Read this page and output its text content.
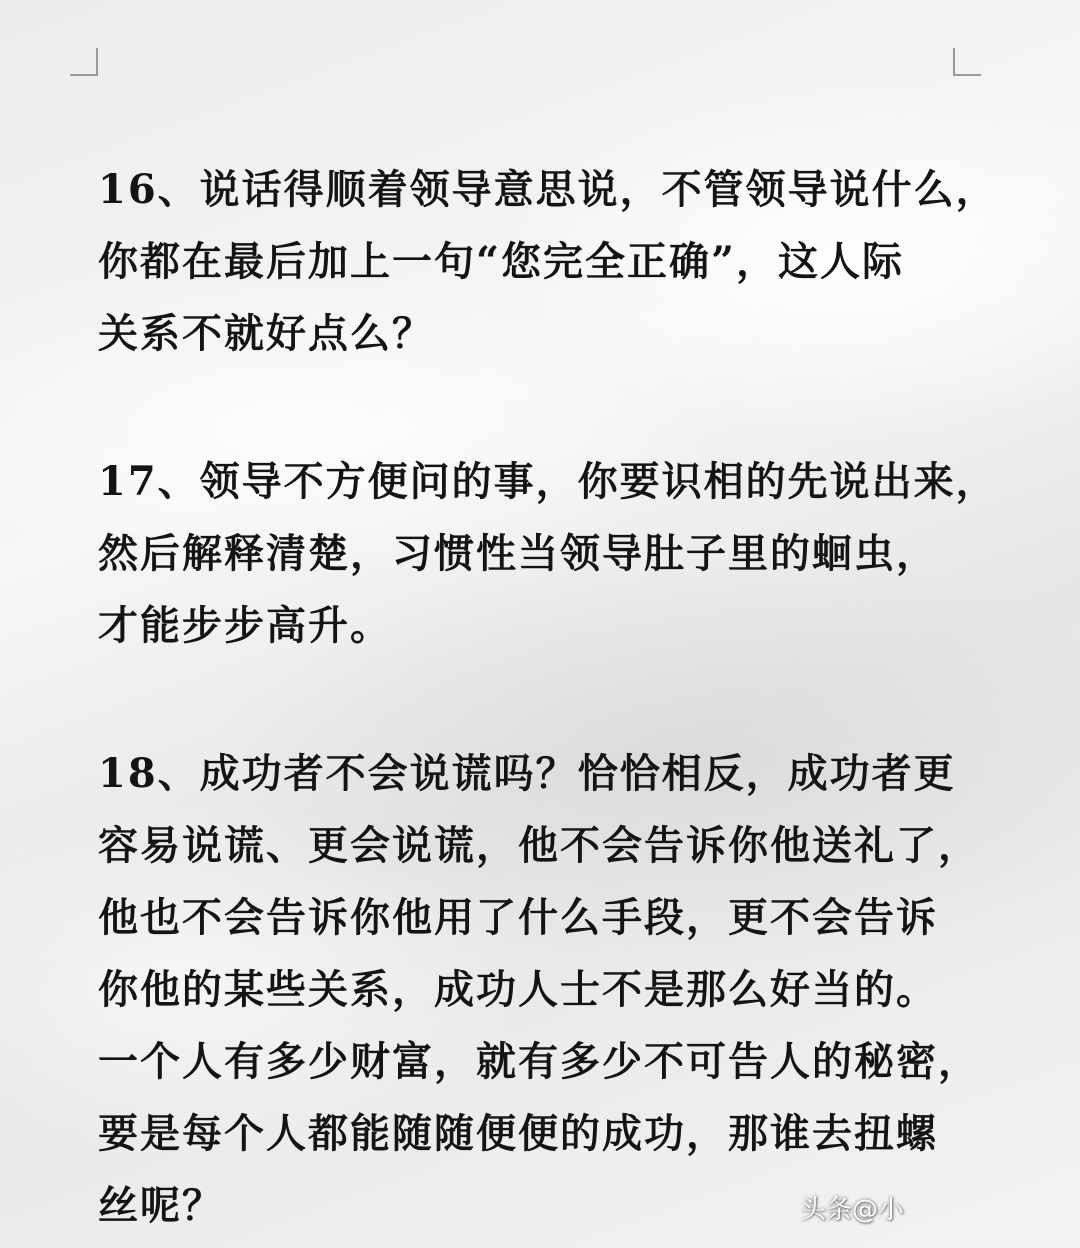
16、说话得顺着领导意思说，不管领导说什么，
你都在最后加上一句“您完全正确”，这人际
关系不就好点么？

17、领导不方便问的事，你要识相的先说出来，
然后解释清楚，习惯性当领导肚子里的蛔虫，
才能步步高升。

18、成功者不会说谎吗？恰恰相反，成功者更
容易说谎、更会说谎，他不会告诉你他送礼了，
他也不会告诉你他用了什么手段，更不会告诉
你他的某些关系，成功人士不是那么好当的。
一个人有多少财富，就有多少不可告人的秘密，
要是每个人都能随随便便的成功，那谁去扭螺
丝呢？	头条@小
